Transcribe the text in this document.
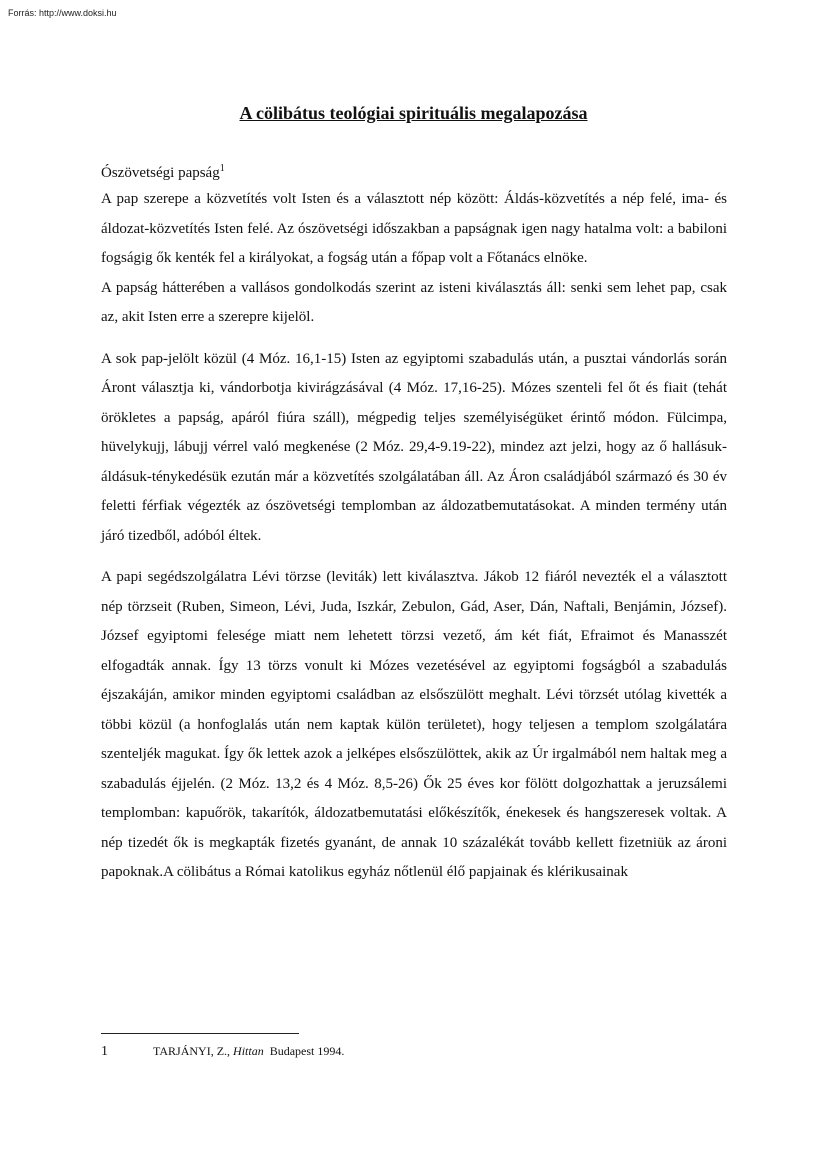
Forrás: http://www.doksi.hu
A cölibátus teológiai spirituális megalapozása
Ószövetségi papság$^1$

A pap szerepe a közvetítés volt Isten és a választott nép között: Áldás-közvetítés a nép felé, ima- és áldozat-közvetítés Isten felé. Az ószövetségi időszakban a papságnak igen nagy hatalma volt: a babiloni fogságig ők kenték fel a királyokat, a fogság után a főpap volt a Főtanács elnöke.

A papság hátterében a vallásos gondolkodás szerint az isteni kiválasztás áll: senki sem lehet pap, csak az, akit Isten erre a szerepre kijelöl.

A sok pap-jelölt közül (4 Móz. 16,1-15) Isten az egyiptomi szabadulás után, a pusztai vándorlás során Áront választja ki, vándorbotja kivirágzásával (4 Móz. 17,16-25). Mózes szenteli fel őt és fiait (tehát örökletes a papság, apáról fiúra száll), mégpedig teljes személyiségüket érintő módon. Fülcimpa, hüvelykujj, lábujj vérrel való megkenése (2 Móz. 29,4-9.19-22), mindez azt jelzi, hogy az ő hallásuk-áldásuk-ténykedésük ezután már a közvetítés szolgálatában áll. Az Áron családjából származó és 30 év feletti férfiak végezték az ószövetségi templomban az áldozatbemutatásokat. A minden termény után járó tizedből, adóból éltek.

A papi segédszolgálatra Lévi törzse (leviták) lett kiválasztva. Jákob 12 fiáról nevezték el a választott nép törzseit (Ruben, Simeon, Lévi, Juda, Iszkár, Zebulon, Gád, Aser, Dán, Naftali, Benjámin, József). József egyiptomi felesége miatt nem lehetett törzsi vezető, ám két fiát, Efraimot és Manasszét elfogadták annak. Így 13 törzs vonult ki Mózes vezetésével az egyiptomi fogságból a szabadulás éjszakáján, amikor minden egyiptomi családban az elsőszülött meghalt. Lévi törzsét utólag kivették a többi közül (a honfoglalás után nem kaptak külön területet), hogy teljesen a templom szolgálatára szenteljék magukat. Így ők lettek azok a jelképes elsőszülöttek, akik az Úr irgalmából nem haltak meg a szabadulás éjjelén. (2 Móz. 13,2 és 4 Móz. 8,5-26) Ők 25 éves kor fölött dolgozhattak a jeruzsálemi templomban: kapuőrök, takarítók, áldozatbemutatási előkészítők, énekesek és hangszeresek voltak. A nép tizedét ők is megkapták fizetés gyanánt, de annak 10 százalékát tovább kellett fizetniük az ároni papoknak.A cölibátus a Római katolikus egyház nőtlenül élő papjainak és klérikusainak

1	TARJÁNYI, Z., Hittan  Budapest 1994.
